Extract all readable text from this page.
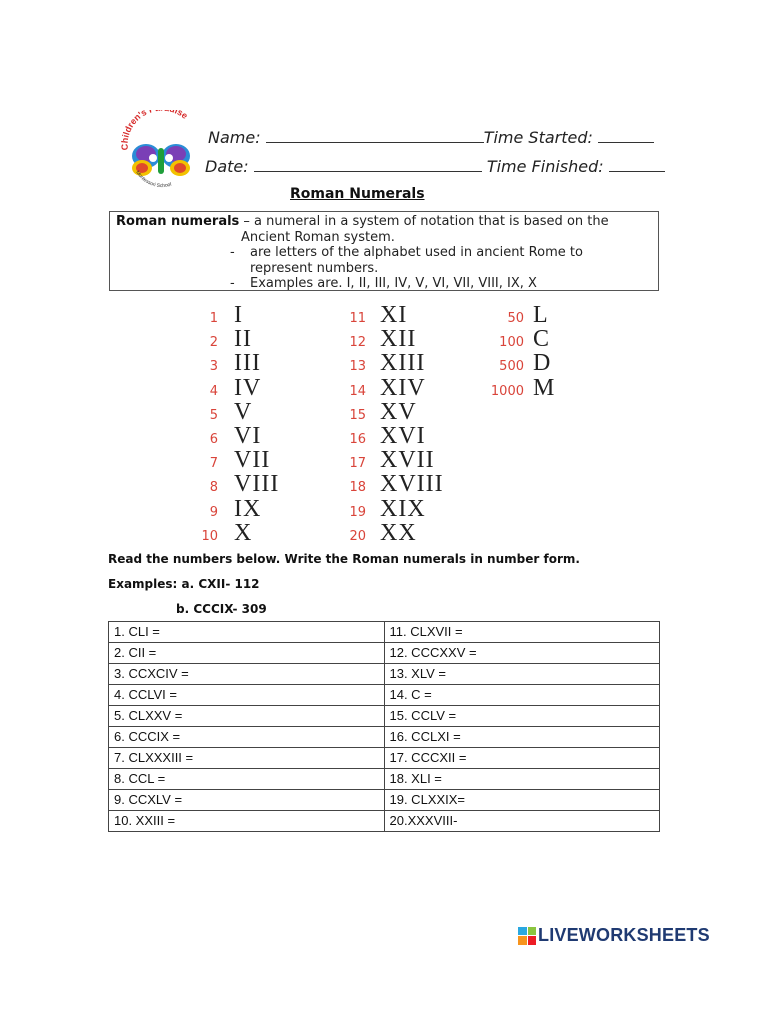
Children's ise
Montessori School
Name:	Time Started:
Date:	Time Finished:
Roman Numerals
Roman numerals – a numeral in a system of notation that is based on the
Ancient Roman system.
- are letters of the alphabet used in ancient Rome to
represent numbers.
- Examples are. I, II, III, IV, V, VI, VII, VIII, IX, X
1 I
2 II
3 III
4 IV
5 V
6 VI
7 VII
8 VIII
9 IX
10 X
11 XI
12 XII
13 XIII
14 XIV
15 XV
16 XVI
17 XVII
18 XVIII
19 XIX
20 XX
50 L
100 C
500 D
1000 M
Read the numbers below. Write the Roman numerals in number form.
Examples: a. CXII- 112
b. CCCIX- 309
1. CLI =	11. CLXVII =
2. CII =	12. CCCXXV =
3. CCXCIV =	13. XLV =
4. CCLVI =	14. C =
5. CLXXV =	15. CCLV =
6. CCCIX =	16. CCLXI =
7. CLXXXIII =	17. CCCXII =
8. CCL =	18. XLI =
9. CCXLV =	19. CLXXIX=
10. XXIII =	20.XXXVIII-
LIVEWORKSHEETS
